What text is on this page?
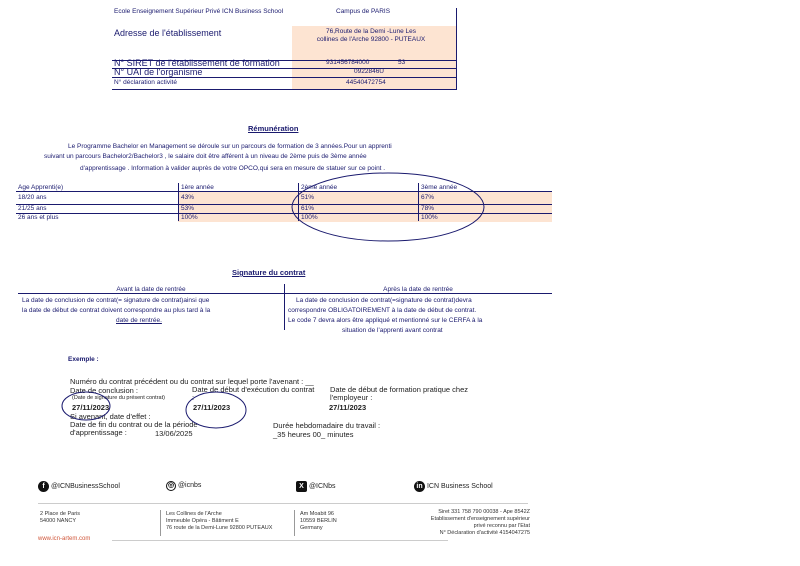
Ecole Enseignement Supérieur Privé ICN Business School	Campus de PARIS
Adresse de l'établissement	76,Route de la Demi -Lune Les collines de l'Arche 92800 - PUTEAUX
N° SIRET de l'établissement de formation	931456784000	53
N° UAI de l'organisme	0922846U
N° déclaration activité	44540472754
Rémunération
Le Programme Bachelor en Management se déroule sur un parcours de formation de 3 années.Pour un apprenti
suivant un parcours Bachelor2/Bachelor3 , le salaire doit être afférent à un niveau de 2ème puis de 3ème année
d'apprentissage . Information à valider auprès de votre OPCO,qui sera en mesure de statuer sur ce point .
Age Apprenti(e)	1ère année	2ème année	3ème année
18/20 ans	43%	51%	67%
21/25 ans	53%	61%	78%
26 ans et plus	100%	100%	100%
Signature du contrat
Avant la date de rentrée
La date de conclusion de contrat(= signature de contrat)ainsi que
la date de début de contrat doivent correspondre au plus tard à la
date de rentrée.
Après la date de rentrée
La date de conclusion de contrat(=signature de contrat)devra
correspondre OBLIGATOIREMENT à la date de début de contrat.
Le code 7 devra alors être appliqué et mentionné sur le CERFA à la
situation de l'apprenti avant contrat
Exemple :
Numéro du contrat précédent ou du contrat sur lequel porte l'avenant : __
Date de conclusion :
(Date de signature du présent contrat)
27/11/2023
Date de début d'exécution du contrat :
27/11/2023
Date de début de formation pratique chez l'employeur :
27/11/2023
Si avenant, date d'effet :
Date de fin du contrat ou de la période d'apprentissage :	13/06/2025
Durée hebdomadaire du travail :
_35 heures 00_ minutes
f @ICNBusinessSchool	◎ @icnbs	X @ICNbs	in ICN Business School
2 Place de Paris
54000 NANCY
Les Collines de l'Arche
Immeuble Opéra - Bâtiment E
76 route de la Demi-Lune 92800 PUTEAUX
Am Moabit 96
10559 BERLIN
Germany
Siret 331 758 790 00038 - Ape 8542Z
Etablissement d'enseignement supérieur
privé reconnu par l'Etat
N° Déclaration d'activité 4154047275
www.icn-artem.com
